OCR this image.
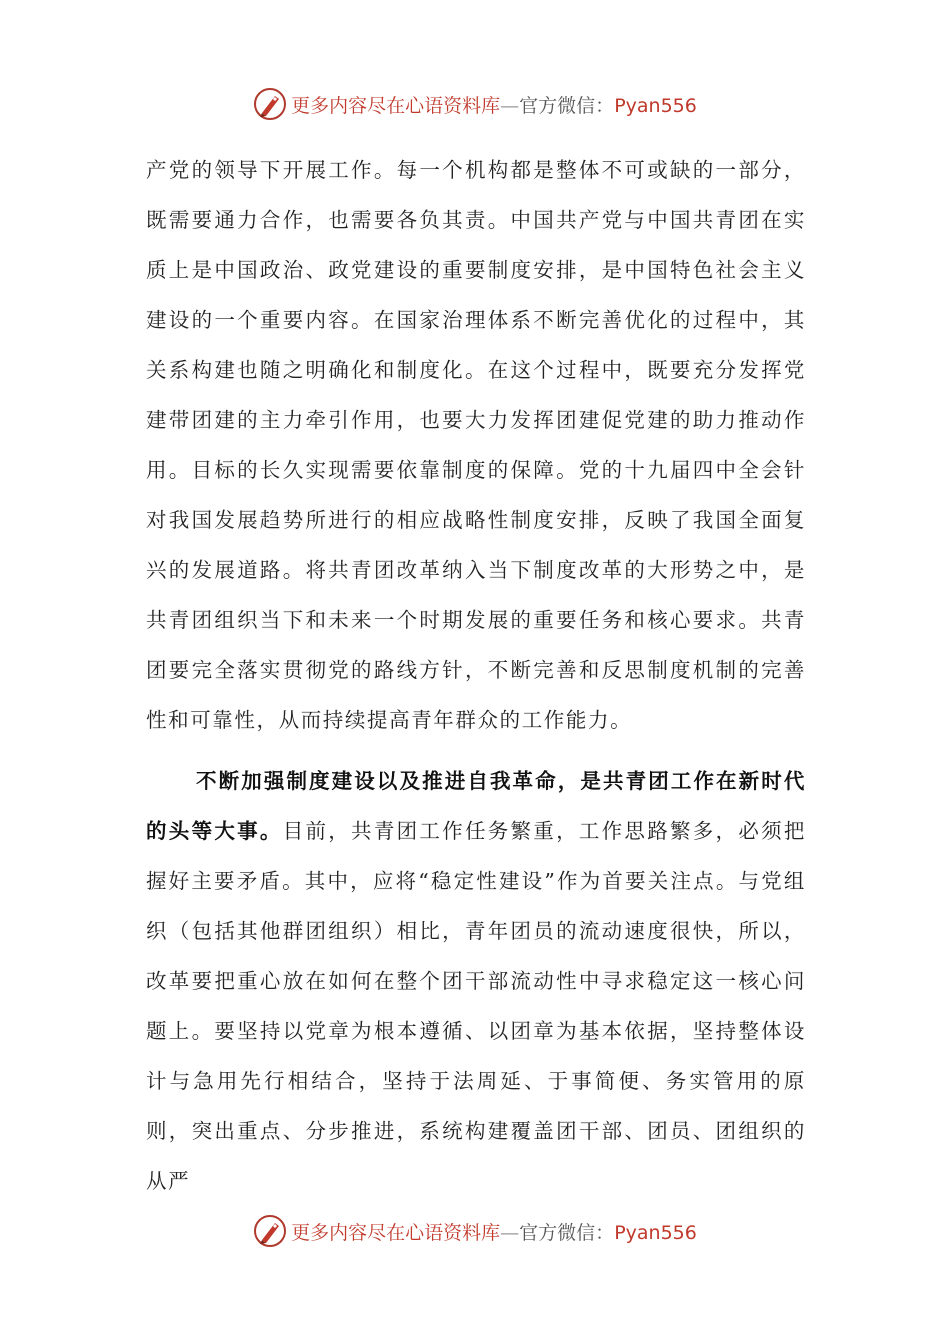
更多内容尽在心语资料库—官方微信：Pyan556
产党的领导下开展工作。每一个机构都是整体不可或缺的一部分，既需要通力合作，也需要各负其责。中国共产党与中国共青团在实质上是中国政治、政党建设的重要制度安排，是中国特色社会主义建设的一个重要内容。在国家治理体系不断完善优化的过程中，其关系构建也随之明确化和制度化。在这个过程中，既要充分发挥党建带团建的主力牵引作用，也要大力发挥团建促党建的助力推动作用。目标的长久实现需要依靠制度的保障。党的十九届四中全会针对我国发展趋势所进行的相应战略性制度安排，反映了我国全面复兴的发展道路。将共青团改革纳入当下制度改革的大形势之中，是共青团组织当下和未来一个时期发展的重要任务和核心要求。共青团要完全落实贯彻党的路线方针，不断完善和反思制度机制的完善性和可靠性，从而持续提高青年群众的工作能力。
不断加强制度建设以及推进自我革命，是共青团工作在新时代的头等大事。目前，共青团工作任务繁重，工作思路繁多，必须把握好主要矛盾。其中，应将“稳定性建设”作为首要关注点。与党组织（包括其他群团组织）相比，青年团员的流动速度很快，所以，改革要把重心放在如何在整个团干部流动性中寻求稳定这一核心问题上。要坚持以党章为根本遵循、以团章为基本依据，坚持整体设计与急用先行相结合，坚持于法周延、于事简便、务实管用的原则，突出重点、分步推进，系统构建覆盖团干部、团员、团组织的从严
更多内容尽在心语资料库—官方微信：Pyan556
